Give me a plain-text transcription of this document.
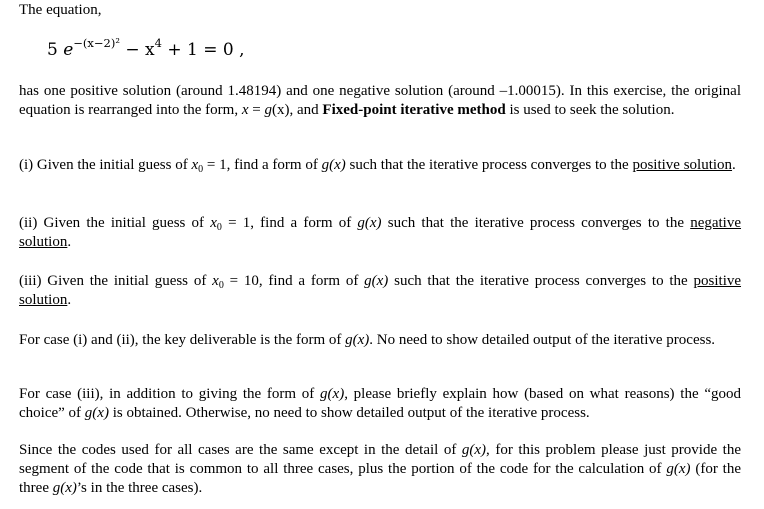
The equation,

5 $e^{-(x-2)^2} - x^4 + 1 = 0$ ,

has one positive solution (around 1.48194) and one negative solution (around –1.00015). In this exercise, the original equation is rearranged into the form, x = g(x), and Fixed-point iterative method is used to seek the solution.

(i) Given the initial guess of $x_0 = 1$, find a form of g(x) such that the iterative process converges to the positive solution.

(ii) Given the initial guess of $x_0 = 1$, find a form of g(x) such that the iterative process converges to the negative solution.

(iii) Given the initial guess of $x_0 = 10$, find a form of g(x) such that the iterative process converges to the positive solution.

For case (i) and (ii), the key deliverable is the form of g(x). No need to show detailed output of the iterative process.

For case (iii), in addition to giving the form of g(x), please briefly explain how (based on what reasons) the “good choice” of g(x) is obtained. Otherwise, no need to show detailed output of the iterative process.

Since the codes used for all cases are the same except in the detail of g(x), for this problem please just provide the segment of the code that is common to all three cases, plus the portion of the code for the calculation of g(x) (for the three g(x)’s in the three cases).
